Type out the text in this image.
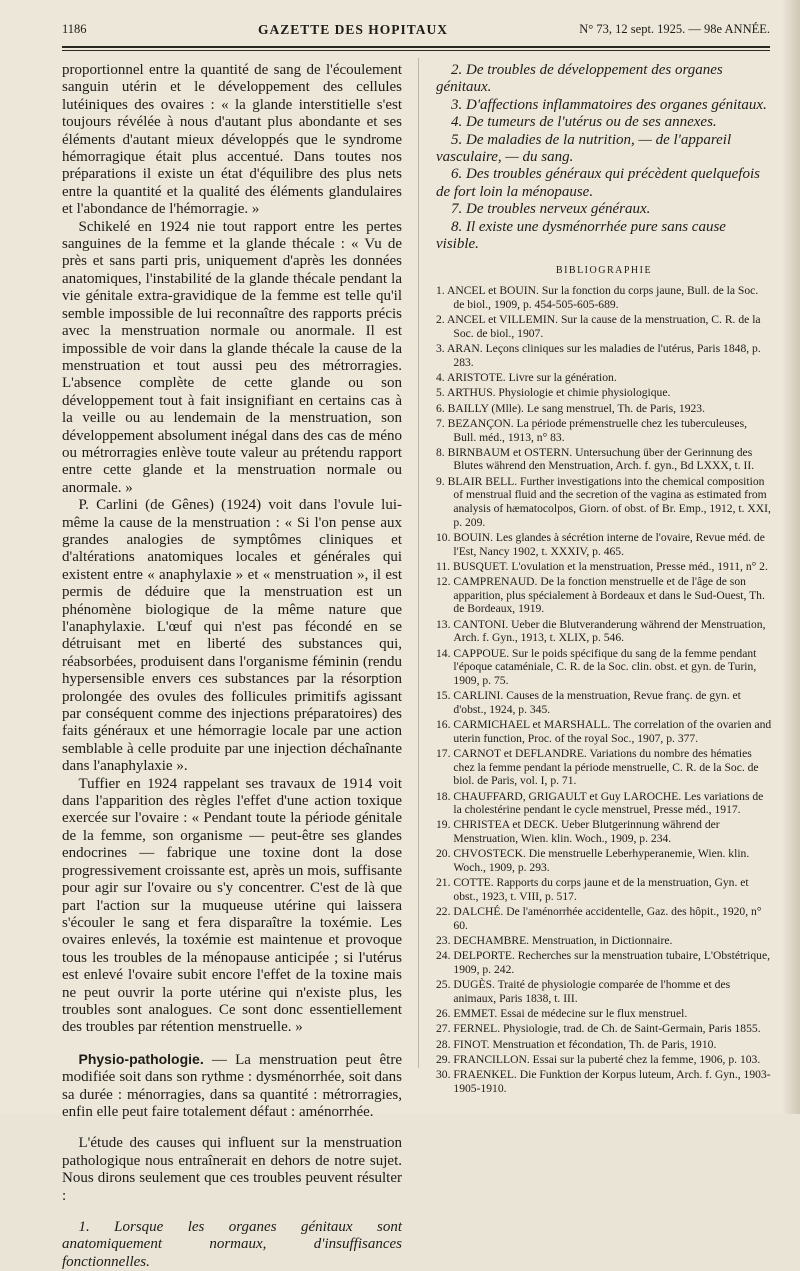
1186	GAZETTE DES HOPITAUX	N° 73, 12 sept. 1925. — 98e ANNÉE.

proportionnel entre la quantité de sang de l'écoulement sanguin utérin et le développement des cellules lutéiniques des ovaires : « la glande interstitielle s'est toujours révélée à nous d'autant plus abondante et ses éléments d'autant mieux développés que le syndrome hémorragique était plus accentué. Dans toutes nos préparations il existe un état d'équilibre des plus nets entre la quantité et la qualité des éléments glandulaires et l'abondance de l'hémorragie. »

Schikelé en 1924 nie tout rapport entre les pertes sanguines de la femme et la glande thécale : « Vu de près et sans parti pris, uniquement d'après les données anatomiques, l'instabilité de la glande thécale pendant la vie génitale extra-gravidique de la femme est telle qu'il semble impossible de lui reconnaître des rapports précis avec la menstruation normale ou anormale. Il est impossible de voir dans la glande thécale la cause de la menstruation et tout aussi peu des métrorragies. L'absence complète de cette glande ou son développement tout à fait insignifiant en certains cas à la veille ou au lendemain de la menstruation, son développement absolument inégal dans des cas de méno ou métrorragies enlève toute valeur au prétendu rapport entre cette glande et la menstruation normale ou anormale. »

P. Carlini (de Gênes) (1924) voit dans l'ovule lui-même la cause de la menstruation : « Si l'on pense aux grandes analogies de symptômes cliniques et d'altérations anatomiques locales et générales qui existent entre « anaphylaxie » et « menstruation », il est permis de déduire que la menstruation est un phénomène biologique de la même nature que l'anaphylaxie. L'œuf qui n'est pas fécondé en se détruisant met en liberté des substances qui, réabsorbées, produisent dans l'organisme féminin (rendu hypersensible envers ces substances par la résorption prolongée des ovules des follicules primitifs agissant par conséquent comme des injections préparatoires) des faits généraux et une hémorragie locale par une action semblable à celle produite par une injection déchaînante dans l'anaphylaxie ».

Tuffier en 1924 rappelant ses travaux de 1914 voit dans l'apparition des règles l'effet d'une action toxique exercée sur l'ovaire : « Pendant toute la période génitale de la femme, son organisme — peut-être ses glandes endocrines — fabrique une toxine dont la dose progressivement croissante est, après un mois, suffisante pour agir sur l'ovaire ou s'y concentrer. C'est de là que part l'action sur la muqueuse utérine qui laissera s'écouler le sang et fera disparaître la toxémie. Les ovaires enlevés, la toxémie est maintenue et provoque tous les troubles de la ménopause anticipée ; si l'utérus est enlevé l'ovaire subit encore l'effet de la toxine mais ne peut ouvrir la porte utérine qui n'existe plus, les troubles sont analogues. Ce sont donc essentiellement des troubles par rétention menstruelle. »

Physio-pathologie. — La menstruation peut être modifiée soit dans son rythme : dysménorrhée, soit dans sa durée : ménorragies, dans sa quantité : métrorragies, enfin elle peut faire totalement défaut : aménorrhée.

L'étude des causes qui influent sur la menstruation pathologique nous entraînerait en dehors de notre sujet. Nous dirons seulement que ces troubles peuvent résulter :

1. Lorsque les organes génitaux sont anatomiquement normaux, d'insuffisances fonctionnelles.

2. De troubles de développement des organes génitaux.
3. D'affections inflammatoires des organes génitaux.
4. De tumeurs de l'utérus ou de ses annexes.
5. De maladies de la nutrition, — de l'appareil vasculaire, — du sang.
6. Des troubles généraux qui précèdent quelquefois de fort loin la ménopause.
7. De troubles nerveux généraux.
8. Il existe une dysménorrhée pure sans cause visible.
BIBLIOGRAPHIE
1. ANCEL et BOUIN. Sur la fonction du corps jaune, Bull. de la Soc. de biol., 1909, p. 454-505-605-689.
2. ANCEL et VILLEMIN. Sur la cause de la menstruation, C. R. de la Soc. de biol., 1907.
3. ARAN. Leçons cliniques sur les maladies de l'utérus, Paris 1848, p. 283.
4. ARISTOTE. Livre sur la génération.
5. ARTHUS. Physiologie et chimie physiologique.
6. BAILLY (Mlle). Le sang menstruel, Th. de Paris, 1923.
7. BEZANÇON. La période prémenstruelle chez les tuberculeuses, Bull. méd., 1913, n° 83.
8. BIRNBAUM et OSTERN. Untersuchung über der Gerinnung des Blutes während den Menstruation, Arch. f. gyn., Bd LXXX, t. II.
9. BLAIR BELL. Further investigations into the chemical composition of menstrual fluid and the secretion of the vagina as estimated from analysis of hæmatocolpos, Giorn. of obst. of Br. Emp., 1912, t. XXI, p. 209.
10. BOUIN. Les glandes à sécrétion interne de l'ovaire, Revue méd. de l'Est, Nancy 1902, t. XXXIV, p. 465.
11. BUSQUET. L'ovulation et la menstruation, Presse méd., 1911, n° 2.
12. CAMPRENAUD. De la fonction menstruelle et de l'âge de son apparition, plus spécialement à Bordeaux et dans le Sud-Ouest, Th. de Bordeaux, 1919.
13. CANTONI. Ueber die Blutveranderung während der Menstruation, Arch. f. Gyn., 1913, t. XLIX, p. 546.
14. CAPPOUE. Sur le poids spécifique du sang de la femme pendant l'époque cataméniale, C. R. de la Soc. clin. obst. et gyn. de Turin, 1909, p. 75.
15. CARLINI. Causes de la menstruation, Revue franç. de gyn. et d'obst., 1924, p. 345.
16. CARMICHAEL et MARSHALL. The correlation of the ovarien and uterin function, Proc. of the royal Soc., 1907, p. 377.
17. CARNOT et DEFLANDRE. Variations du nombre des hématies chez la femme pendant la période menstruelle, C. R. de la Soc. de biol. de Paris, vol. I, p. 71.
18. CHAUFFARD, GRIGAULT et Guy LAROCHE. Les variations de la cholestérine pendant le cycle menstruel, Presse méd., 1917.
19. CHRISTEA et DECK. Ueber Blutgerinnung während der Menstruation, Wien. klin. Woch., 1909, p. 234.
20. CHVOSTECK. Die menstruelle Leberhyperanemie, Wien. klin. Woch., 1909, p. 293.
21. COTTE. Rapports du corps jaune et de la menstruation, Gyn. et obst., 1923, t. VIII, p. 517.
22. DALCHÉ. De l'aménorrhée accidentelle, Gaz. des hôpit., 1920, n° 60.
23. DECHAMBRE. Menstruation, in Dictionnaire.
24. DELPORTE. Recherches sur la menstruation tubaire, L'Obstétrique, 1909, p. 242.
25. DUGÈS. Traité de physiologie comparée de l'homme et des animaux, Paris 1838, t. III.
26. EMMET. Essai de médecine sur le flux menstruel.
27. FERNEL. Physiologie, trad. de Ch. de Saint-Germain, Paris 1855.
28. FINOT. Menstruation et fécondation, Th. de Paris, 1910.
29. FRANCILLON. Essai sur la puberté chez la femme, 1906, p. 103.
30. FRAENKEL. Die Funktion der Korpus luteum, Arch. f. Gyn., 1903-1905-1910.
